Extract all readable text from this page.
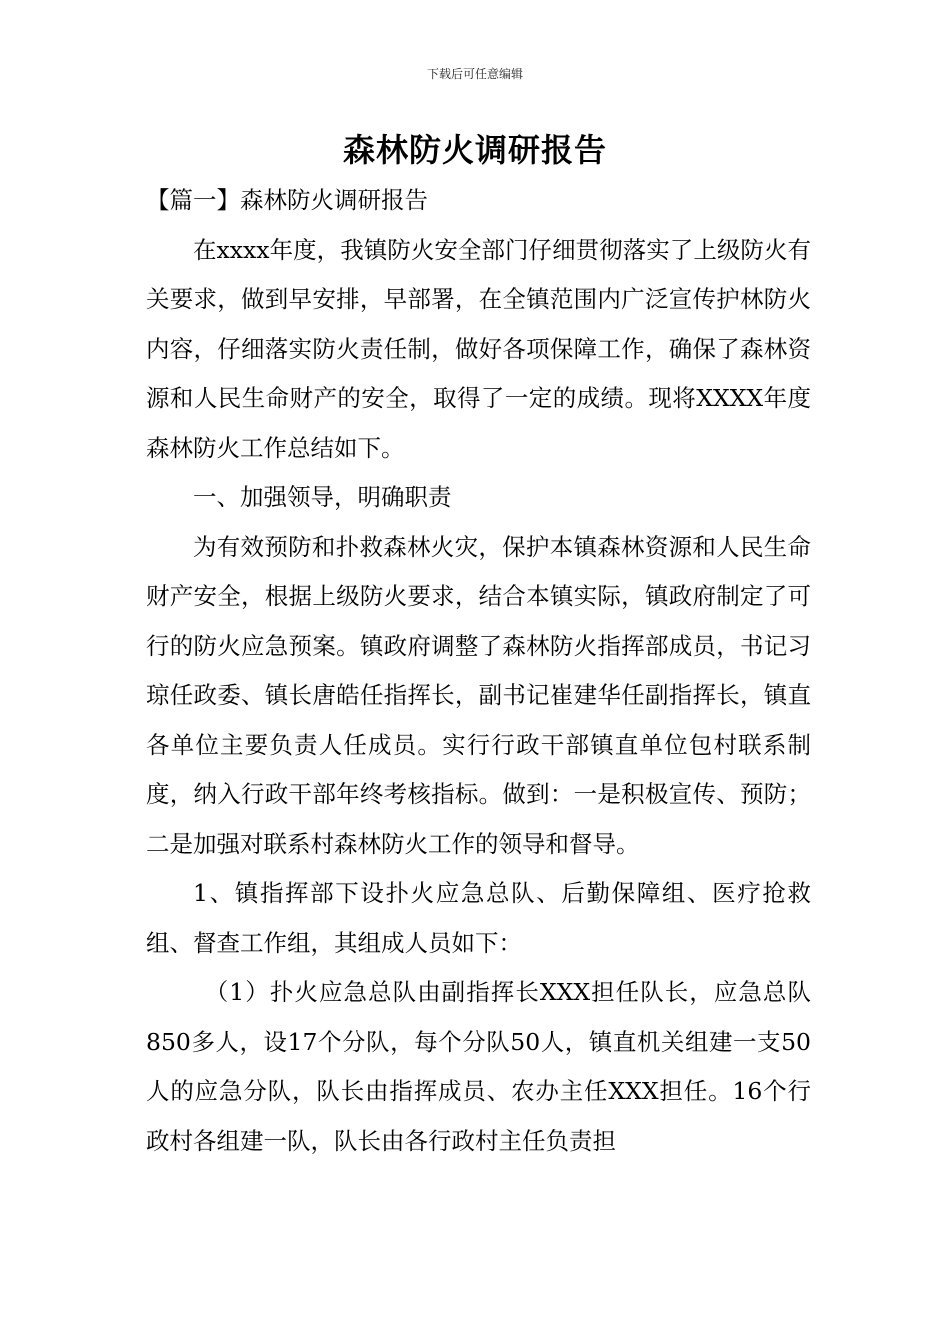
下载后可任意编辑
森林防火调研报告

【篇一】森林防火调研报告

在xxxx年度，我镇防火安全部门仔细贯彻落实了上级防火有关要求，做到早安排，早部署，在全镇范围内广泛宣传护林防火内容，仔细落实防火责任制，做好各项保障工作，确保了森林资源和人民生命财产的安全，取得了一定的成绩。现将XXXX年度森林防火工作总结如下。

一、加强领导，明确职责

为有效预防和扑救森林火灾，保护本镇森林资源和人民生命财产安全，根据上级防火要求，结合本镇实际，镇政府制定了可行的防火应急预案。镇政府调整了森林防火指挥部成员，书记习琼任政委、镇长唐皓任指挥长，副书记崔建华任副指挥长，镇直各单位主要负责人任成员。实行行政干部镇直单位包村联系制度，纳入行政干部年终考核指标。做到：一是积极宣传、预防；二是加强对联系村森林防火工作的领导和督导。

1、镇指挥部下设扑火应急总队、后勤保障组、医疗抢救组、督查工作组，其组成人员如下：

（1）扑火应急总队由副指挥长XXX担任队长，应急总队850多人，设17个分队，每个分队50人，镇直机关组建一支50人的应急分队，队长由指挥成员、农办主任XXX担任。16个行政村各组建一队，队长由各行政村主任负责担
